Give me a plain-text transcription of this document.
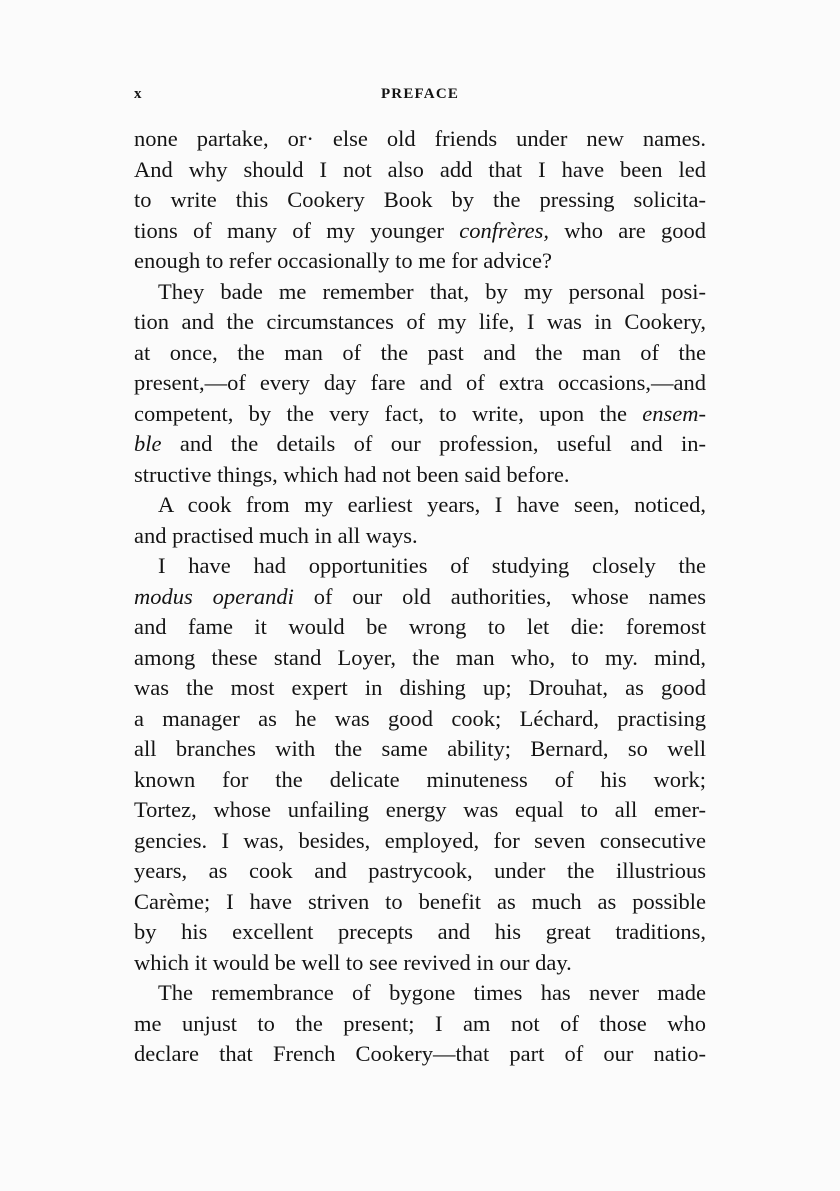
x	PREFACE
none partake, or· else old friends under new names.
And why should I not also add that I have been led
to write this Cookery Book by the pressing solicita-
tions of many of my younger confrères, who are good
enough to refer occasionally to me for advice?
They bade me remember that, by my personal posi-
tion and the circumstances of my life, I was in Cookery,
at once, the man of the past and the man of the
present,—of every day fare and of extra occasions,—and
competent, by the very fact, to write, upon the ensem-
ble and the details of our profession, useful and in-
structive things, which had not been said before.
A cook from my earliest years, I have seen, noticed,
and practised much in all ways.
I have had opportunities of studying closely the
modus operandi of our old authorities, whose names
and fame it would be wrong to let die: foremost
among these stand Loyer, the man who, to my. mind,
was the most expert in dishing up; Drouhat, as good
a manager as he was good cook; Léchard, practising
all branches with the same ability; Bernard, so well
known for the delicate minuteness of his work;
Tortez, whose unfailing energy was equal to all emer-
gencies. I was, besides, employed, for seven consecutive
years, as cook and pastrycook, under the illustrious
Carème; I have striven to benefit as much as possible
by his excellent precepts and his great traditions,
which it would be well to see revived in our day.
The remembrance of bygone times has never made
me unjust to the present; I am not of those who
declare that French Cookery—that part of our natio-
